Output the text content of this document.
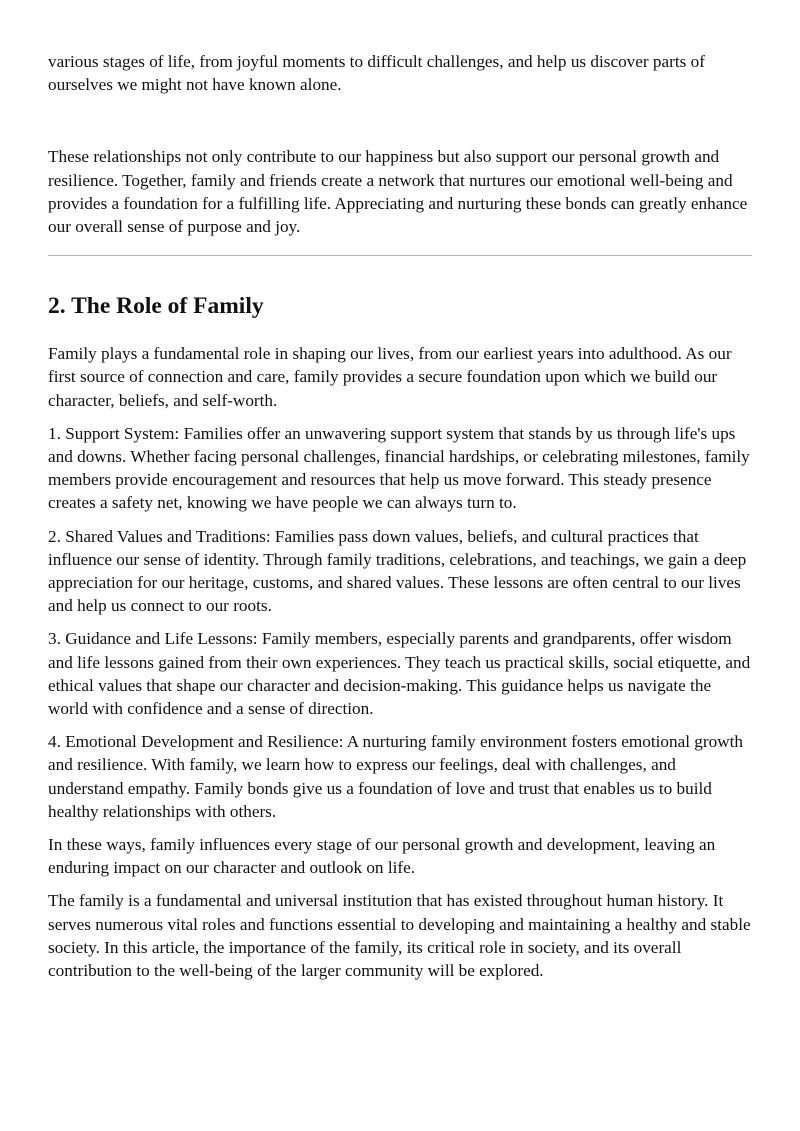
various stages of life, from joyful moments to difficult challenges, and help us discover parts of ourselves we might not have known alone.

These relationships not only contribute to our happiness but also support our personal growth and resilience. Together, family and friends create a network that nurtures our emotional well-being and provides a foundation for a fulfilling life. Appreciating and nurturing these bonds can greatly enhance our overall sense of purpose and joy.

2. The Role of Family

Family plays a fundamental role in shaping our lives, from our earliest years into adulthood. As our first source of connection and care, family provides a secure foundation upon which we build our character, beliefs, and self-worth.

1. Support System: Families offer an unwavering support system that stands by us through life's ups and downs. Whether facing personal challenges, financial hardships, or celebrating milestones, family members provide encouragement and resources that help us move forward. This steady presence creates a safety net, knowing we have people we can always turn to.

2. Shared Values and Traditions: Families pass down values, beliefs, and cultural practices that influence our sense of identity. Through family traditions, celebrations, and teachings, we gain a deep appreciation for our heritage, customs, and shared values. These lessons are often central to our lives and help us connect to our roots.

3. Guidance and Life Lessons: Family members, especially parents and grandparents, offer wisdom and life lessons gained from their own experiences. They teach us practical skills, social etiquette, and ethical values that shape our character and decision-making. This guidance helps us navigate the world with confidence and a sense of direction.

4. Emotional Development and Resilience: A nurturing family environment fosters emotional growth and resilience. With family, we learn how to express our feelings, deal with challenges, and understand empathy. Family bonds give us a foundation of love and trust that enables us to build healthy relationships with others.

In these ways, family influences every stage of our personal growth and development, leaving an enduring impact on our character and outlook on life.

The family is a fundamental and universal institution that has existed throughout human history. It serves numerous vital roles and functions essential to developing and maintaining a healthy and stable society. In this article, the importance of the family, its critical role in society, and its overall contribution to the well-being of the larger community will be explored.
